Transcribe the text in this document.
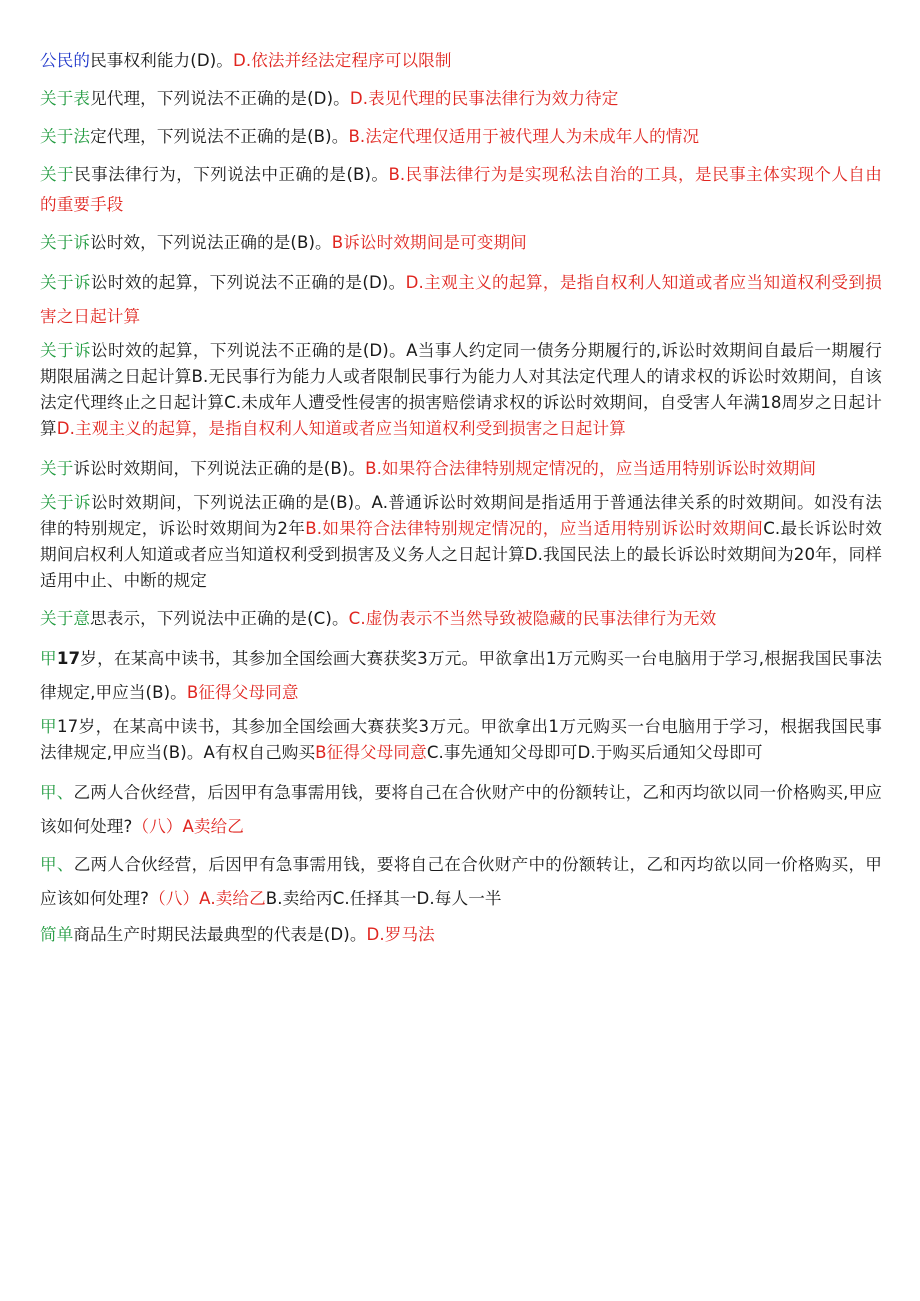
公民的民事权利能力(D)。D.依法并经法定程序可以限制

关于表见代理，下列说法不正确的是(D)。D.表见代理的民事法律行为效力待定

关于法定代理，下列说法不正确的是(B)。B.法定代理仅适用于被代理人为未成年人的情况

关于民事法律行为，下列说法中正确的是(B)。B.民事法律行为是实现私法自治的工具，是民事主体实现个人自由的重要手段

关于诉讼时效，下列说法正确的是(B)。B诉讼时效期间是可变期间

关于诉讼时效的起算，下列说法不正确的是(D)。D.主观主义的起算，是指自权利人知道或者应当知道权利受到损害之日起计算

关于诉讼时效的起算，下列说法不正确的是(D)。A当事人约定同一债务分期履行的,诉讼时效期间自最后一期履行期限届满之日起计算B.无民事行为能力人或者限制民事行为能力人对其法定代理人的请求权的诉讼时效期间，自该法定代理终止之日起计算C.未成年人遭受性侵害的损害赔偿请求权的诉讼时效期间，自受害人年满18周岁之日起计算D.主观主义的起算，是指自权利人知道或者应当知道权利受到损害之日起计算

关于诉讼时效期间，下列说法正确的是(B)。B.如果符合法律特别规定情况的，应当适用特别诉讼时效期间

关于诉讼时效期间，下列说法正确的是(B)。A.普通诉讼时效期间是指适用于普通法律关系的时效期间。如没有法律的特别规定，诉讼时效期间为2年B.如果符合法律特别规定情况的，应当适用特别诉讼时效期间C.最长诉讼时效期间启权利人知道或者应当知道权利受到损害及义务人之日起计算D.我国民法上的最长诉讼时效期间为20年，同样适用中止、中断的规定

关于意思表示，下列说法中正确的是(C)。C.虚伪表示不当然导致被隐藏的民事法律行为无效

甲17岁，在某高中读书，其参加全国绘画大赛获奖3万元。甲欲拿出1万元购买一台电脑用于学习,根据我国民事法律规定,甲应当(B)。B征得父母同意

甲17岁，在某高中读书，其参加全国绘画大赛获奖3万元。甲欲拿出1万元购买一台电脑用于学习，根据我国民事法律规定,甲应当(B)。A有权自己购买B征得父母同意C.事先通知父母即可D.于购买后通知父母即可

甲、乙两人合伙经营，后因甲有急事需用钱，要将自己在合伙财产中的份额转让，乙和丙均欲以同一价格购买,甲应该如何处理?（八）A卖给乙

甲、乙两人合伙经营，后因甲有急事需用钱，要将自己在合伙财产中的份额转让，乙和丙均欲以同一价格购买，甲应该如何处理?（八）A.卖给乙B.卖给丙C.任择其一D.每人一半

简单商品生产时期民法最典型的代表是(D)。D.罗马法
